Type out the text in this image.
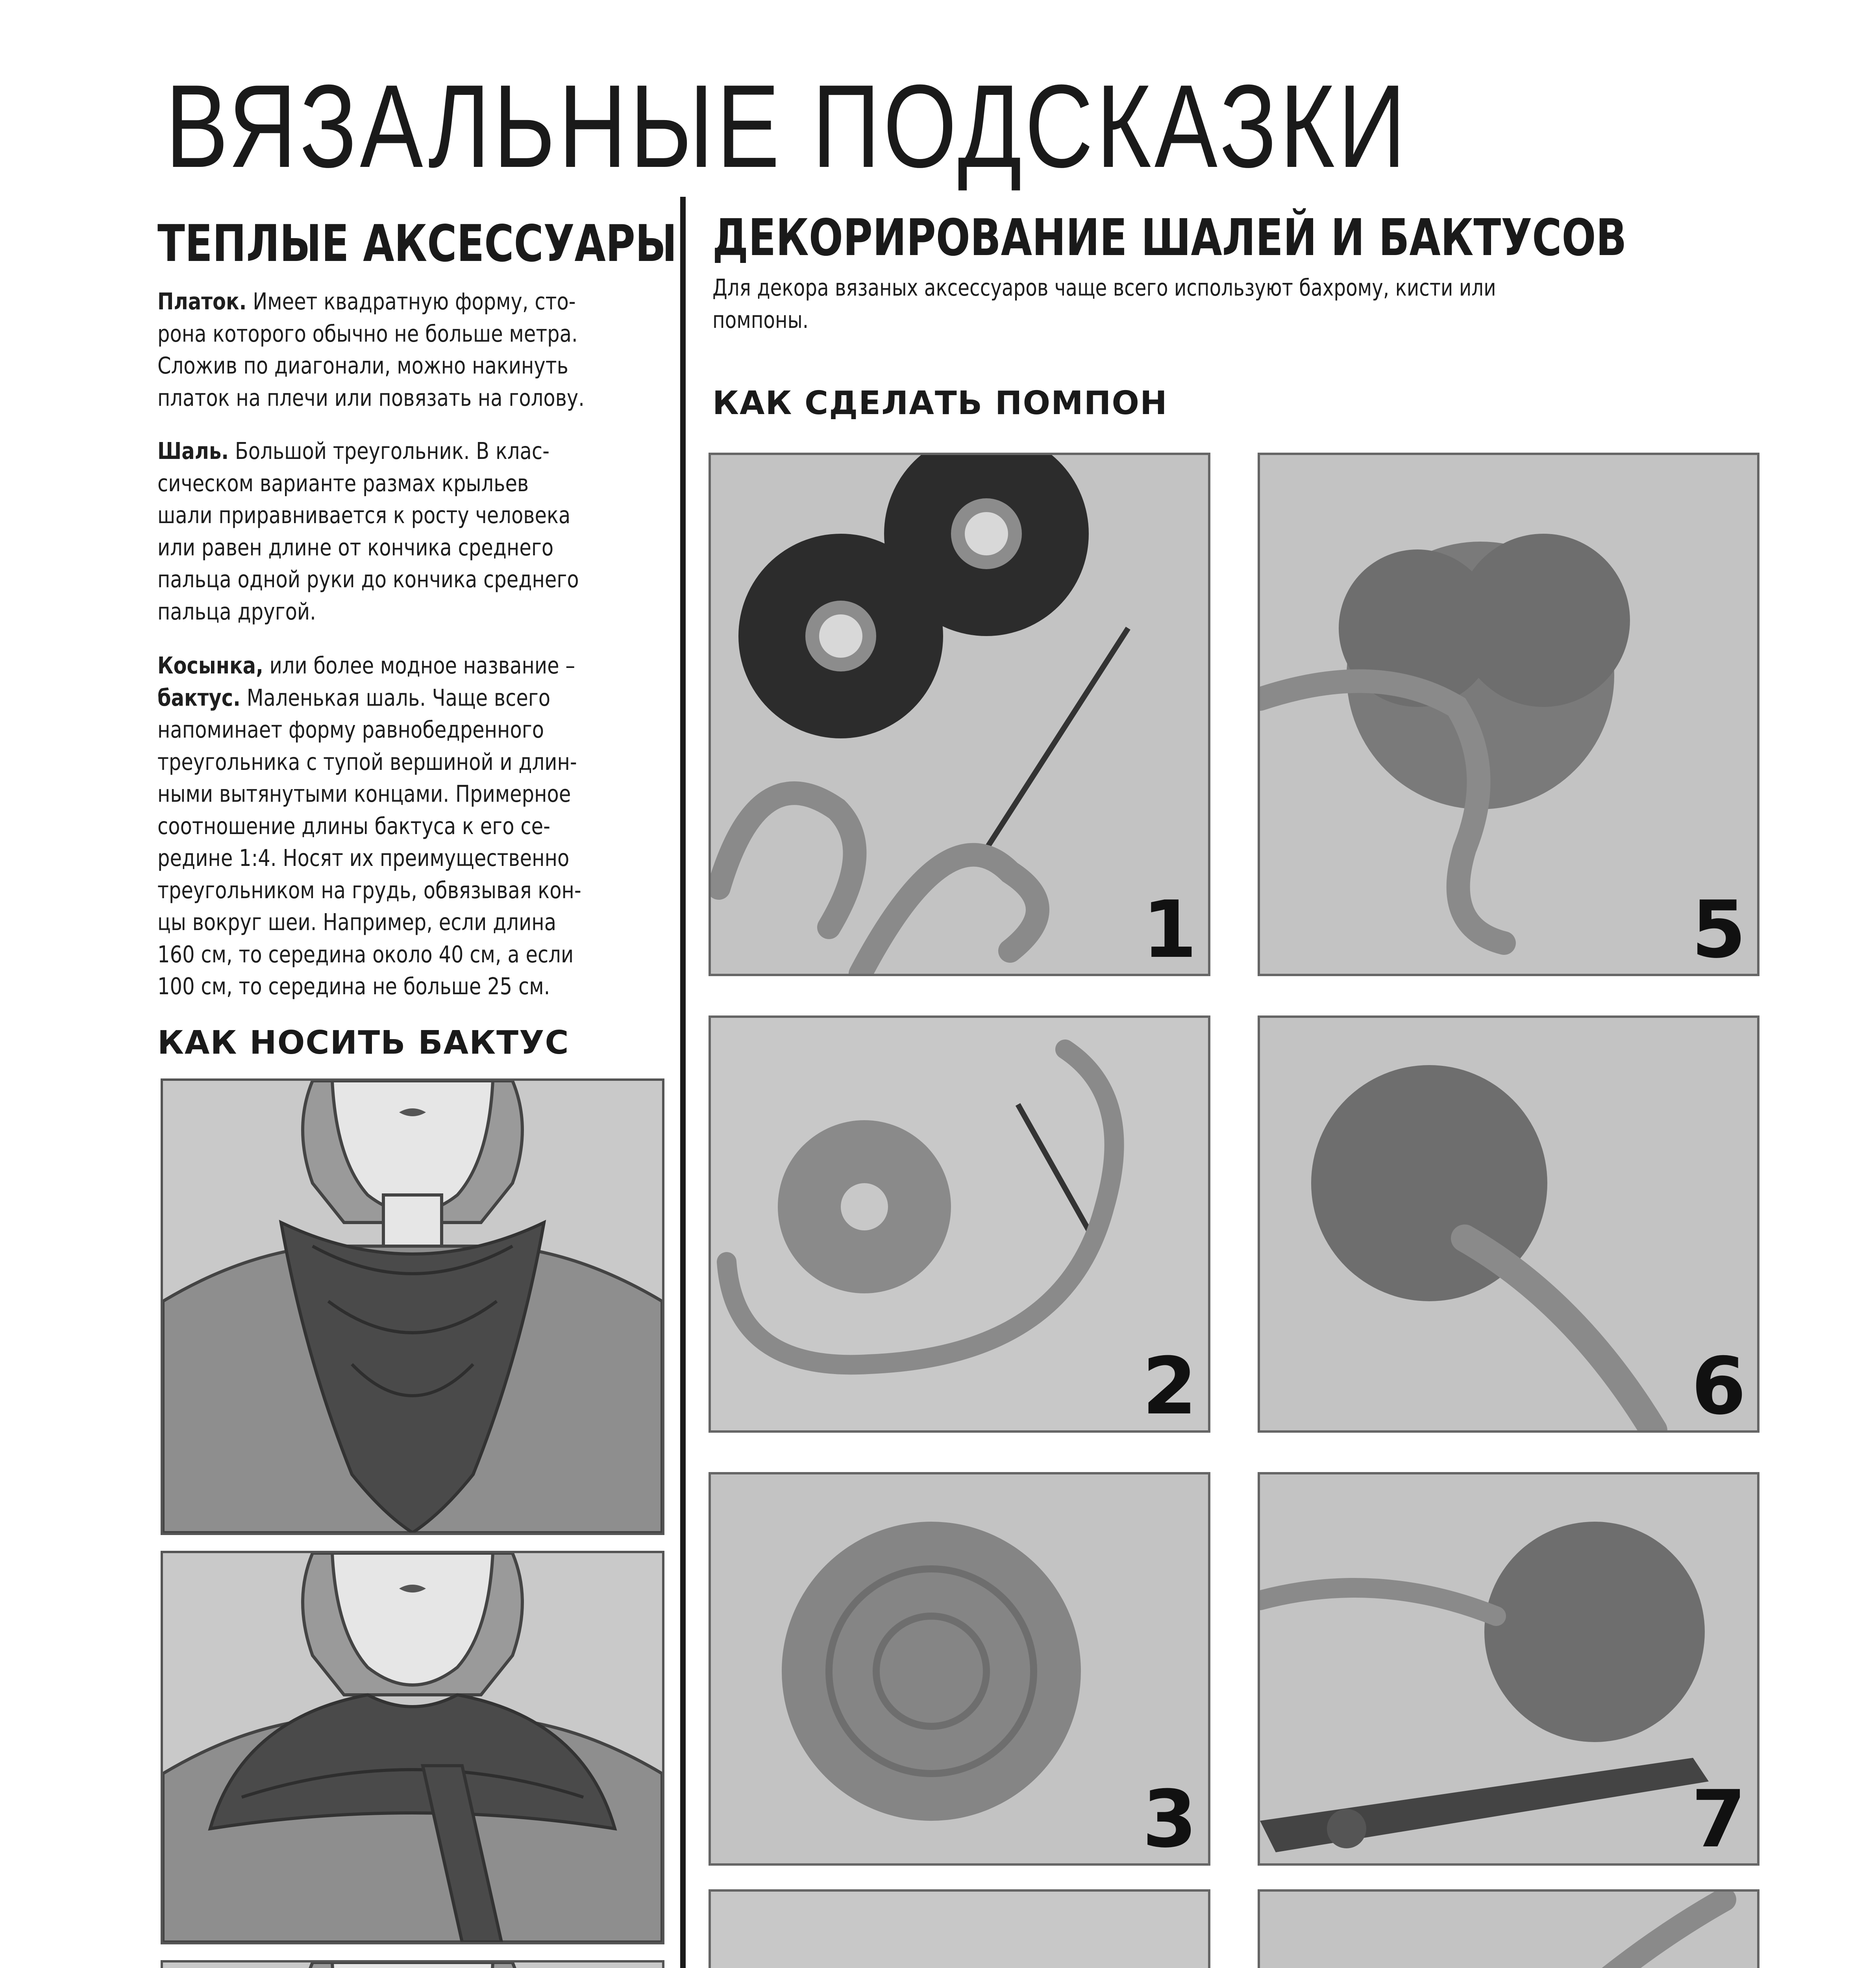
ВЯЗАЛЬНЫЕ ПОДСКАЗКИ
ТЕПЛЫЕ АКСЕССУАРЫ
Платок. Имеет квадратную форму, сто-
рона которого обычно не больше метра.
Сложив по диагонали, можно накинуть
платок на плечи или повязать на голову.
Шаль. Большой треугольник. В клас-
сическом варианте размах крыльев
шали приравнивается к росту человека
или равен длине от кончика среднего
пальца одной руки до кончика среднего
пальца другой.
Косынка, или более модное название –
бактус. Маленькая шаль. Чаще всего
напоминает форму равнобедренного
треугольника с тупой вершиной и длин-
ными вытянутыми концами. Примерное
соотношение длины бактуса к его се-
редине 1:4. Носят их преимущественно
треугольником на грудь, обвязывая кон-
цы вокруг шеи. Например, если длина
160 см, то середина около 40 см, а если
100 см, то середина не больше 25 см.
КАК НОСИТЬ БАКТУС
ДЕКОРИРОВАНИЕ ШАЛЕЙ И БАКТУСОВ
Для декора вязаных аксессуаров чаще всего используют бахрому, кисти или
помпоны.
КАК СДЕЛАТЬ ПОМПОН
1	5
2	6
3	7
